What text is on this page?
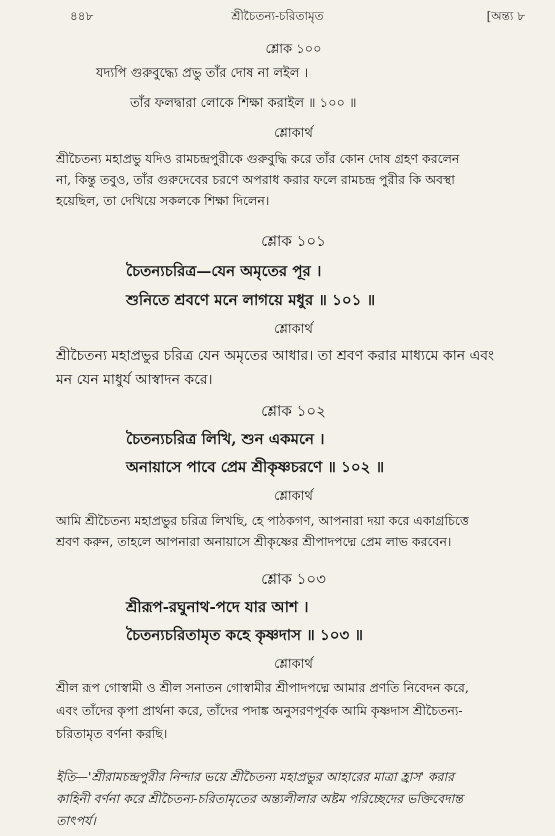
৪৪৮	শ্রীচৈতন্য-চরিতামৃত	[অন্ত্য ৮
শ্লোক ১০০
যদ্যপি গুরুবুদ্ধ্যে প্রভু তাঁর দোষ না লইল ।
তাঁর ফলদ্বারা লোকে শিক্ষা করাইল ॥ ১০০ ॥
শ্লোকার্থ
শ্রীচৈতন্য মহাপ্রভু যদিও রামচন্দ্রপুরীকে গুরুবুদ্ধি করে তাঁর কোন দোষ গ্রহণ করলেন
না, কিন্তু তবুও, তাঁর গুরুদেবের চরণে অপরাধ করার ফলে রামচন্দ্র পুরীর কি অবস্থা
হয়েছিল, তা দেখিয়ে সকলকে শিক্ষা দিলেন।
শ্লোক ১০১
চৈতন্যচরিত্র—যেন অমৃতের পূর ।
শুনিতে শ্রবণে মনে লাগয়ে মধুর ॥ ১০১ ॥
শ্লোকার্থ
শ্রীচৈতন্য মহাপ্রভুর চরিত্র যেন অমৃতের আধার। তা শ্রবণ করার মাধ্যমে কান এবং
মন যেন মাধুর্য আস্বাদন করে।
শ্লোক ১০২
চৈতন্যচরিত্র লিখি, শুন একমনে ।
অনায়াসে পাবে প্রেম শ্রীকৃষ্ণচরণে ॥ ১০২ ॥
শ্লোকার্থ
আমি শ্রীচৈতন্য মহাপ্রভুর চরিত্র লিখছি, হে পাঠকগণ, আপনারা দয়া করে একাগ্রচিত্তে
শ্রবণ করুন, তাহলে আপনারা অনায়াসে শ্রীকৃষ্ণের শ্রীপাদপদ্মে প্রেম লাভ করবেন।
শ্লোক ১০৩
শ্রীরূপ-রঘুনাথ-পদে যার আশ ।
চৈতন্যচরিতামৃত কহে কৃষ্ণদাস ॥ ১০৩ ॥
শ্লোকার্থ
শ্রীল রূপ গোস্বামী ও শ্রীল সনাতন গোস্বামীর শ্রীপাদপদ্মে আমার প্রণতি নিবেদন করে,
এবং তাঁদের কৃপা প্রার্থনা করে, তাঁদের পদাঙ্ক অনুসরণপূর্বক আমি কৃষ্ণদাস শ্রীচৈতন্য-
চরিতামৃত বর্ণনা করছি।
ইতি—'শ্রীরামচন্দ্রপুরীর নিন্দার ভয়ে শ্রীচৈতন্য মহাপ্রভুর আহারের মাত্রা হ্রাস' করার
কাহিনী বর্ণনা করে শ্রীচৈতন্য-চরিতামৃতের অন্ত্যলীলার অষ্টম পরিচ্ছেদের ভক্তিবেদান্ত
তাৎপর্য।
